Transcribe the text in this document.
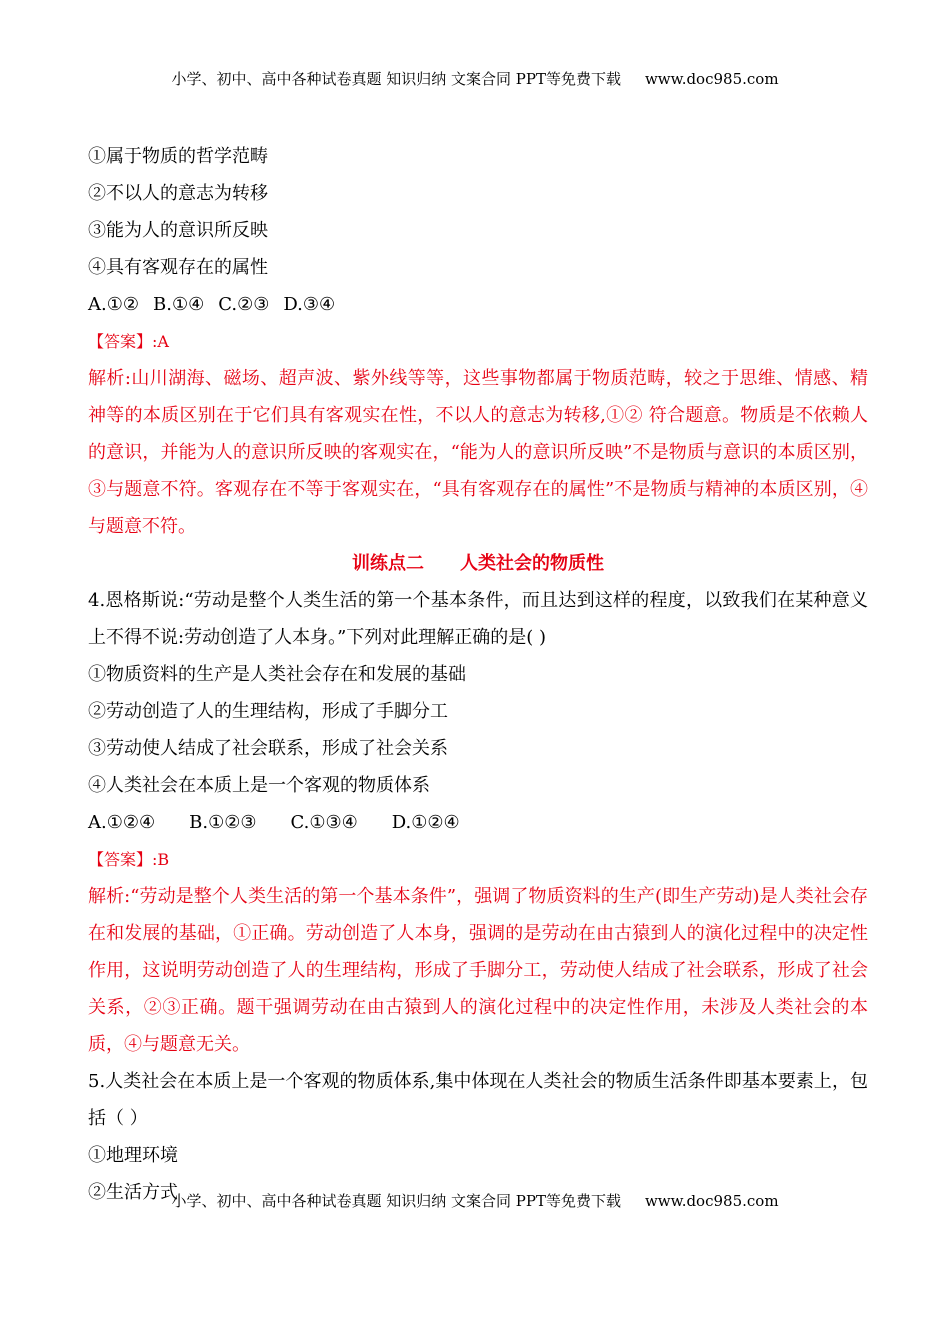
小学、初中、高中各种试卷真题 知识归纳 文案合同 PPT等免费下载 www.doc985.com
①属于物质的哲学范畴
②不以人的意志为转移
③能为人的意识所反映
④具有客观存在的属性
A.①② B.①④ C.②③ D.③④
【答案】:A
解析:山川湖海、磁场、超声波、紫外线等等，这些事物都属于物质范畴，较之于思维、情感、精神等的本质区别在于它们具有客观实在性，不以人的意志为转移,①② 符合题意。物质是不依赖人的意识，并能为人的意识所反映的客观实在，“能为人的意识所反映”不是物质与意识的本质区别，③与题意不符。客观存在不等于客观实在，“具有客观存在的属性”不是物质与精神的本质区别，④与题意不符。
训练点二 人类社会的物质性
4.恩格斯说:“劳动是整个人类生活的第一个基本条件，而且达到这样的程度，以致我们在某种意义上不得不说:劳动创造了人本身。”下列对此理解正确的是( )
①物质资料的生产是人类社会存在和发展的基础
②劳动创造了人的生理结构，形成了手脚分工
③劳动使人结成了社会联系，形成了社会关系
④人类社会在本质上是一个客观的物质体系
A.①②④ B.①②③ C.①③④ D.①②④
【答案】:B
解析:“劳动是整个人类生活的第一个基本条件”，强调了物质资料的生产(即生产劳动)是人类社会存在和发展的基础，①正确。劳动创造了人本身，强调的是劳动在由古猿到人的演化过程中的决定性作用，这说明劳动创造了人的生理结构，形成了手脚分工，劳动使人结成了社会联系，形成了社会关系，②③正确。题干强调劳动在由古猿到人的演化过程中的决定性作用，未涉及人类社会的本质，④与题意无关。
5.人类社会在本质上是一个客观的物质体系,集中体现在人类社会的物质生活条件即基本要素上，包括（ ）
①地理环境
②生活方式
小学、初中、高中各种试卷真题 知识归纳 文案合同 PPT等免费下载 www.doc985.com
